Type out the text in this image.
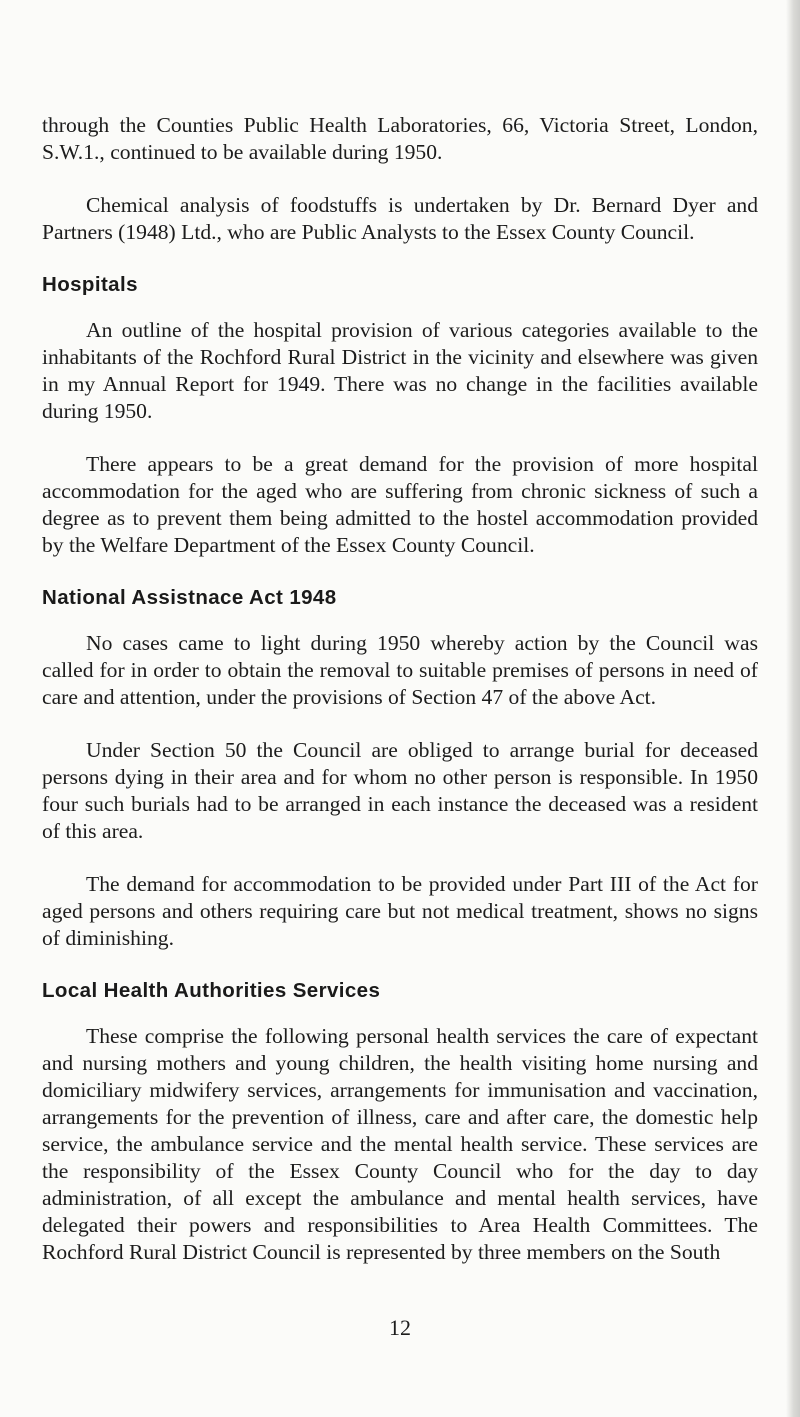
through the Counties Public Health Laboratories, 66, Victoria Street, London, S.W.1., continued to be available during 1950.

Chemical analysis of foodstuffs is undertaken by Dr. Bernard Dyer and Partners (1948) Ltd., who are Public Analysts to the Essex County Council.

Hospitals

An outline of the hospital provision of various categories available to the inhabitants of the Rochford Rural District in the vicinity and elsewhere was given in my Annual Report for 1949. There was no change in the facilities available during 1950.

There appears to be a great demand for the provision of more hospital accommodation for the aged who are suffering from chronic sickness of such a degree as to prevent them being admitted to the hostel accommodation provided by the Welfare Department of the Essex County Council.

National Assistnace Act 1948

No cases came to light during 1950 whereby action by the Council was called for in order to obtain the removal to suitable premises of persons in need of care and attention, under the provisions of Section 47 of the above Act.

Under Section 50 the Council are obliged to arrange burial for deceased persons dying in their area and for whom no other person is responsible. In 1950 four such burials had to be arranged in each instance the deceased was a resident of this area.

The demand for accommodation to be provided under Part III of the Act for aged persons and others requiring care but not medical treatment, shows no signs of diminishing.

Local Health Authorities Services

These comprise the following personal health services the care of expectant and nursing mothers and young children, the health visiting home nursing and domiciliary midwifery services, arrangements for immunisation and vaccination, arrangements for the prevention of illness, care and after care, the domestic help service, the ambulance service and the mental health service. These services are the responsibility of the Essex County Council who for the day to day administration, of all except the ambulance and mental health services, have delegated their powers and responsibilities to Area Health Committees. The Rochford Rural District Council is represented by three members on the South

12
